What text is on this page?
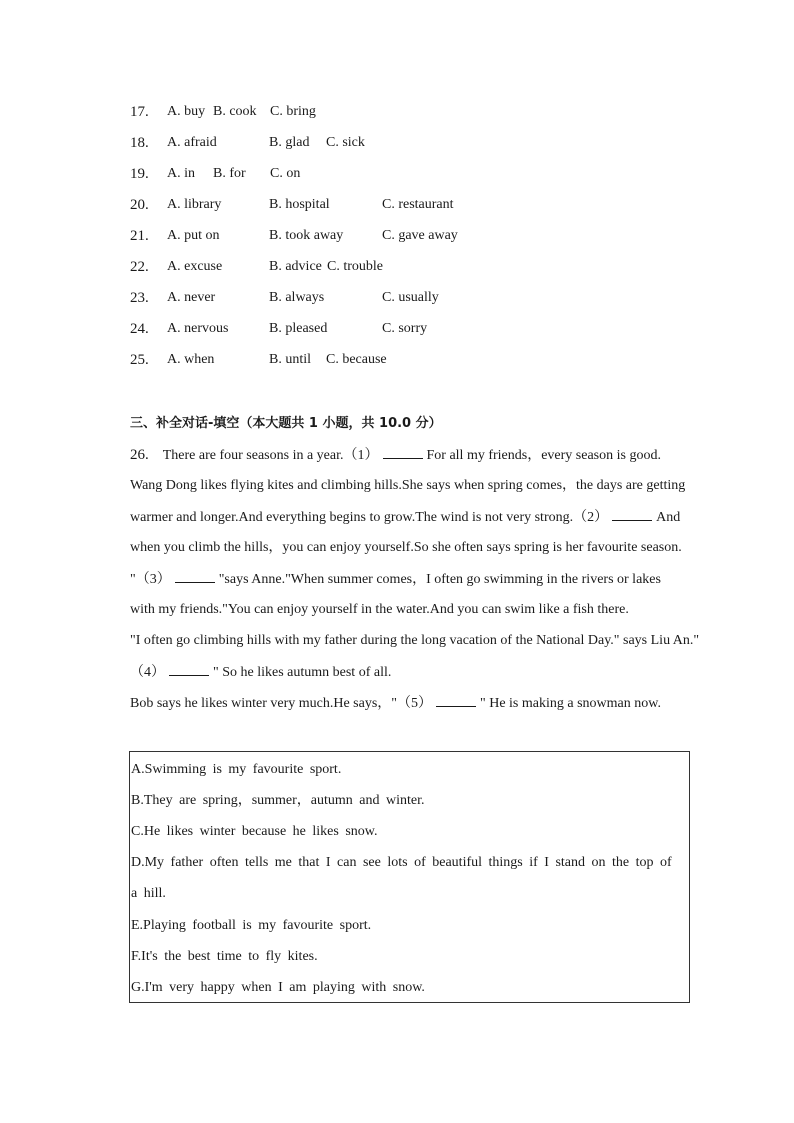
17. A. buy B. cook C. bring
18. A. afraid	B. glad C. sick
19. A. in B. for C. on
20. A. library	B. hospital	C. restaurant
21. A. put on	B. took away	C. gave away
22. A. excuse	B. advice C. trouble
23. A. never	B. always	C. usually
24. A. nervous	B. pleased	C. sorry
25. A. when	B. until C. because
三、补全对话-填空（本大题共 1 小题，共 10.0 分）
26. There are four seasons in a year.（1）	For all my friends，every season is good.
Wang Dong likes flying kites and climbing hills.She says when spring comes，the days are getting
warmer and longer.And everything begins to grow.The wind is not very strong.（2）	And
when you climb the hills，you can enjoy yourself.So she often says spring is her favourite season.
"（3）	"says Anne."When summer comes，I often go swimming in the rivers or lakes
with my friends."You can enjoy yourself in the water.And you can swim like a fish there.
"I often go climbing hills with my father during the long vacation of the National Day." says Liu An."
（4）	" So he likes autumn best of all.
Bob says he likes winter very much.He says，"（5）	" He is making a snowman now.
A.Swimming is my favourite sport.
B.They are spring，summer，autumn and winter.
C.He likes winter because he likes snow.
D.My father often tells me that I can see lots of beautiful things if I stand on the top of
a hill.
E.Playing football is my favourite sport.
F.It's the best time to fly kites.
G.I'm very happy when I am playing with snow.
